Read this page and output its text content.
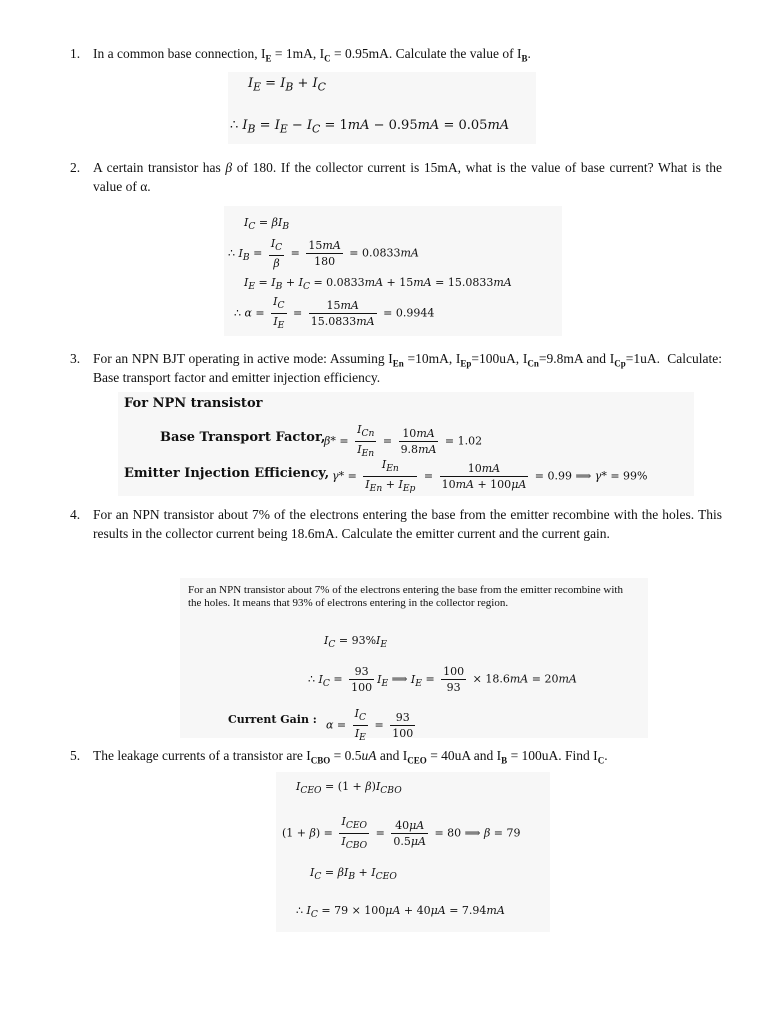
1. In a common base connection, $I_E = 1mA$, $I_C = 0.95mA$. Calculate the value of $I_B$.
$I_E = I_B + I_C$
∴ $I_B = I_E - I_C = 1mA - 0.95mA = 0.05mA$
2. A certain transistor has β of 180. If the collector current is 15mA, what is the value of base current? What is the value of α.
$I_C = \beta I_B$
∴ $I_B = \frac{I_C}{\beta} = \frac{15mA}{180} = 0.0833mA$
$I_E = I_B + I_C = 0.0833mA + 15mA = 15.0833mA$
∴ $\alpha = \frac{I_C}{I_E} = \frac{15mA}{15.0833mA} = 0.9944$
3. For an NPN BJT operating in active mode: Assuming $I_{En} =10mA$, $I_{Ep}=100uA$, $I_{Cn}=9.8mA$ and $I_{Cp}=1uA$.  Calculate: Base transport factor and emitter injection efficiency.
For NPN transistor
Base Transport Factor,
$\beta* = \frac{I_{Cn}}{I_{En}} = \frac{10mA}{9.8mA} = 1.02$
Emitter Injection Efficiency, $\gamma* = \frac{I_{En}}{I_{En} + I_{Ep}} = \frac{10mA}{10mA + 100\mu A} = 0.99$ ⟹ γ* = 99%
4. For an NPN transistor about 7% of the electrons entering the base from the emitter recombine with the holes. This results in the collector current being 18.6mA. Calculate the emitter current and the current gain.
For an NPN transistor about 7% of the electrons entering the base from the emitter recombine with the holes. It means that 93% of electrons entering in the collector region.
$I_C = 93\%I_E$
∴ $I_C = \frac{93}{100} I_E$ ⟹ $I_E = \frac{100}{93} \times 18.6mA = 20mA$
Current Gain : $\alpha = \frac{I_C}{I_E} = \frac{93}{100}$
5. The leakage currents of a transistor are $I_{CBO} = 0.5uA$ and $I_{CEO} = 40uA$ and $I_B = 100uA$. Find $I_C$.
$I_{CEO} = (1 + \beta)I_{CBO}$
$(1 + \beta) = \frac{I_{CEO}}{I_{CBO}} = \frac{40\mu A}{0.5\mu A} = 80$ ⟹ β = 79
$I_C = \beta I_B + I_{CEO}$
∴ $I_C = 79 \times 100\mu A + 40\mu A = 7.94mA$
